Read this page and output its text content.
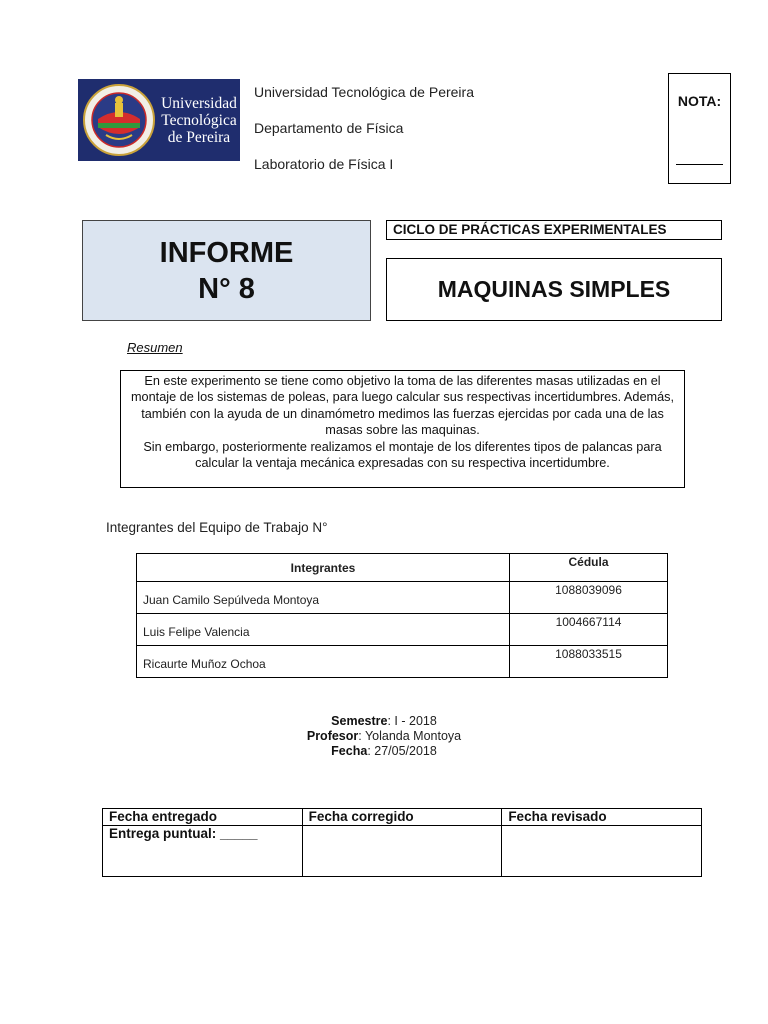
Universidad
Tecnológica
de Pereira
Universidad Tecnológica de Pereira
Departamento de Física
Laboratorio de Física I
NOTA:
INFORME
N° 8
CICLO DE PRÁCTICAS EXPERIMENTALES
MAQUINAS SIMPLES
Resumen

En este experimento se tiene como objetivo la toma de las diferentes masas utilizadas en el montaje de los sistemas de poleas, para luego calcular sus respectivas incertidumbres. Además, también con la ayuda de un dinamómetro medimos las fuerzas ejercidas por cada una de las masas sobre las maquinas.

Sin embargo, posteriormente realizamos el montaje de los diferentes tipos de palancas para calcular la ventaja mecánica expresadas con su respectiva incertidumbre.

Integrantes del Equipo de Trabajo N°
Integrantes	Cédula
Juan Camilo Sepúlveda Montoya	1088039096
Luis Felipe Valencia	1004667114
Ricaurte Muñoz Ochoa	1088033515
Semestre: I - 2018
Profesor: Yolanda Montoya
Fecha: 27/05/2018
Fecha entregado	Fecha corregido	Fecha revisado
Entrega puntual: _____		
